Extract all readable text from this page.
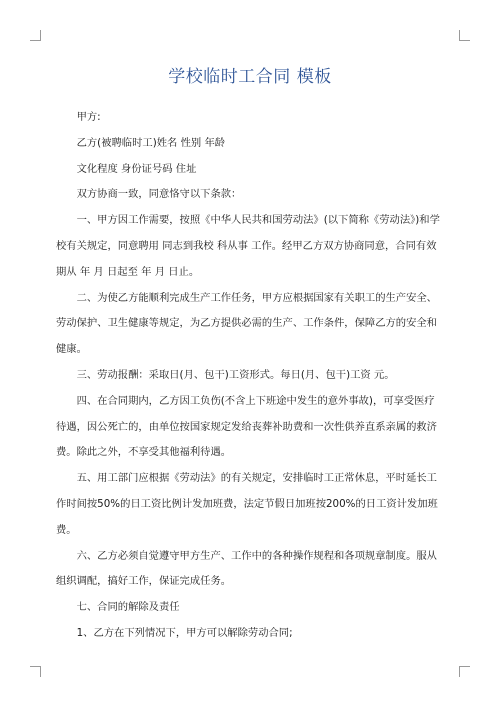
学校临时工合同 模板

甲方:

乙方(被聘临时工)姓名 性别 年龄

文化程度 身份证号码 住址

双方协商一致，同意恪守以下条款：

一、甲方因工作需要，按照《中华人民共和国劳动法》(以下简称《劳动法》)和学校有关规定，同意聘用 同志到我校 科从事 工作。经甲乙方双方协商同意，合同有效期从 年 月 日起至 年 月 日止。

二、为使乙方能顺利完成生产工作任务，甲方应根据国家有关职工的生产安全、劳动保护、卫生健康等规定，为乙方提供必需的生产、工作条件，保障乙方的安全和健康。

三、劳动报酬：采取日(月、包干)工资形式。每日(月、包干)工资 元。

四、在合同期内，乙方因工负伤(不含上下班途中发生的意外事故)，可享受医疗待遇，因公死亡的，由单位按国家规定发给丧葬补助费和一次性供养直系亲属的救济费。除此之外，不享受其他福利待遇。

五、用工部门应根据《劳动法》的有关规定，安排临时工正常休息，平时延长工作时间按50%的日工资比例计发加班费，法定节假日加班按200%的日工资计发加班费。

六、乙方必须自觉遵守甲方生产、工作中的各种操作规程和各项规章制度。服从组织调配，搞好工作，保证完成任务。

七、合同的解除及责任

1、乙方在下列情况下，甲方可以解除劳动合同;
